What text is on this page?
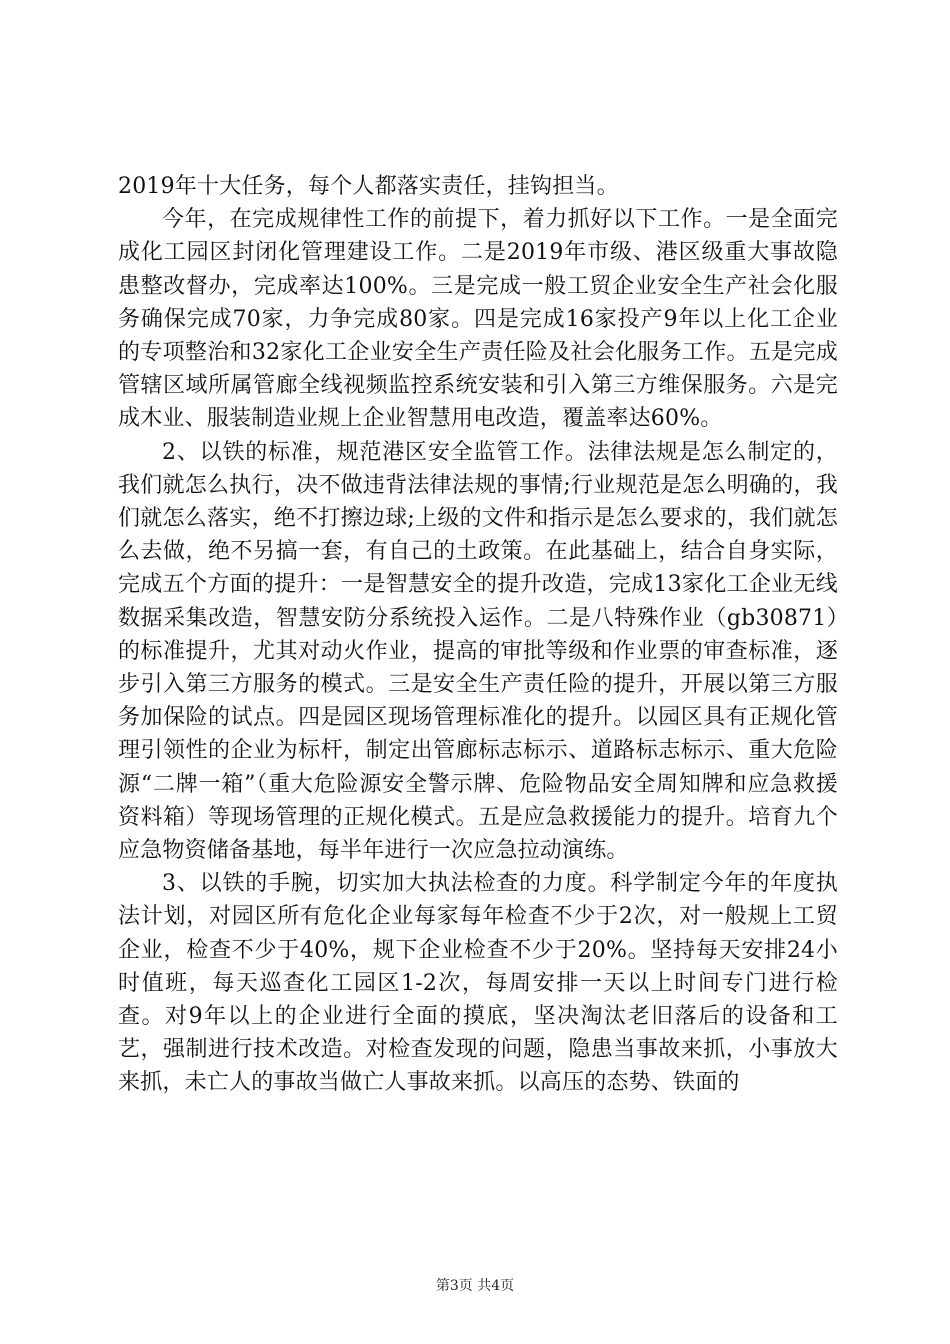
2019年十大任务，每个人都落实责任，挂钩担当。

今年，在完成规律性工作的前提下，着力抓好以下工作。一是全面完成化工园区封闭化管理建设工作。二是2019年市级、港区级重大事故隐患整改督办，完成率达100%。三是完成一般工贸企业安全生产社会化服务确保完成70家，力争完成80家。四是完成16家投产9年以上化工企业的专项整治和32家化工企业安全生产责任险及社会化服务工作。五是完成管辖区域所属管廊全线视频监控系统安装和引入第三方维保服务。六是完成木业、服装制造业规上企业智慧用电改造，覆盖率达60%。

2、以铁的标准，规范港区安全监管工作。法律法规是怎么制定的，我们就怎么执行，决不做违背法律法规的事情;行业规范是怎么明确的，我们就怎么落实，绝不打擦边球;上级的文件和指示是怎么要求的，我们就怎么去做，绝不另搞一套，有自己的土政策。在此基础上，结合自身实际，完成五个方面的提升：一是智慧安全的提升改造，完成13家化工企业无线数据采集改造，智慧安防分系统投入运作。二是八特殊作业（gb30871）的标准提升，尤其对动火作业，提高的审批等级和作业票的审查标准，逐步引入第三方服务的模式。三是安全生产责任险的提升，开展以第三方服务加保险的试点。四是园区现场管理标准化的提升。以园区具有正规化管理引领性的企业为标杆，制定出管廊标志标示、道路标志标示、重大危险源“二牌一箱”（重大危险源安全警示牌、危险物品安全周知牌和应急救援资料箱）等现场管理的正规化模式。五是应急救援能力的提升。培育九个应急物资储备基地，每半年进行一次应急拉动演练。

3、以铁的手腕，切实加大执法检查的力度。科学制定今年的年度执法计划，对园区所有危化企业每家每年检查不少于2次，对一般规上工贸企业，检查不少于40%，规下企业检查不少于20%。坚持每天安排24小时值班，每天巡查化工园区1-2次，每周安排一天以上时间专门进行检查。对9年以上的企业进行全面的摸底，坚决淘汰老旧落后的设备和工艺，强制进行技术改造。对检查发现的问题，隐患当事故来抓，小事放大来抓，未亡人的事故当做亡人事故来抓。以高压的态势、铁面的

第3页 共4页
